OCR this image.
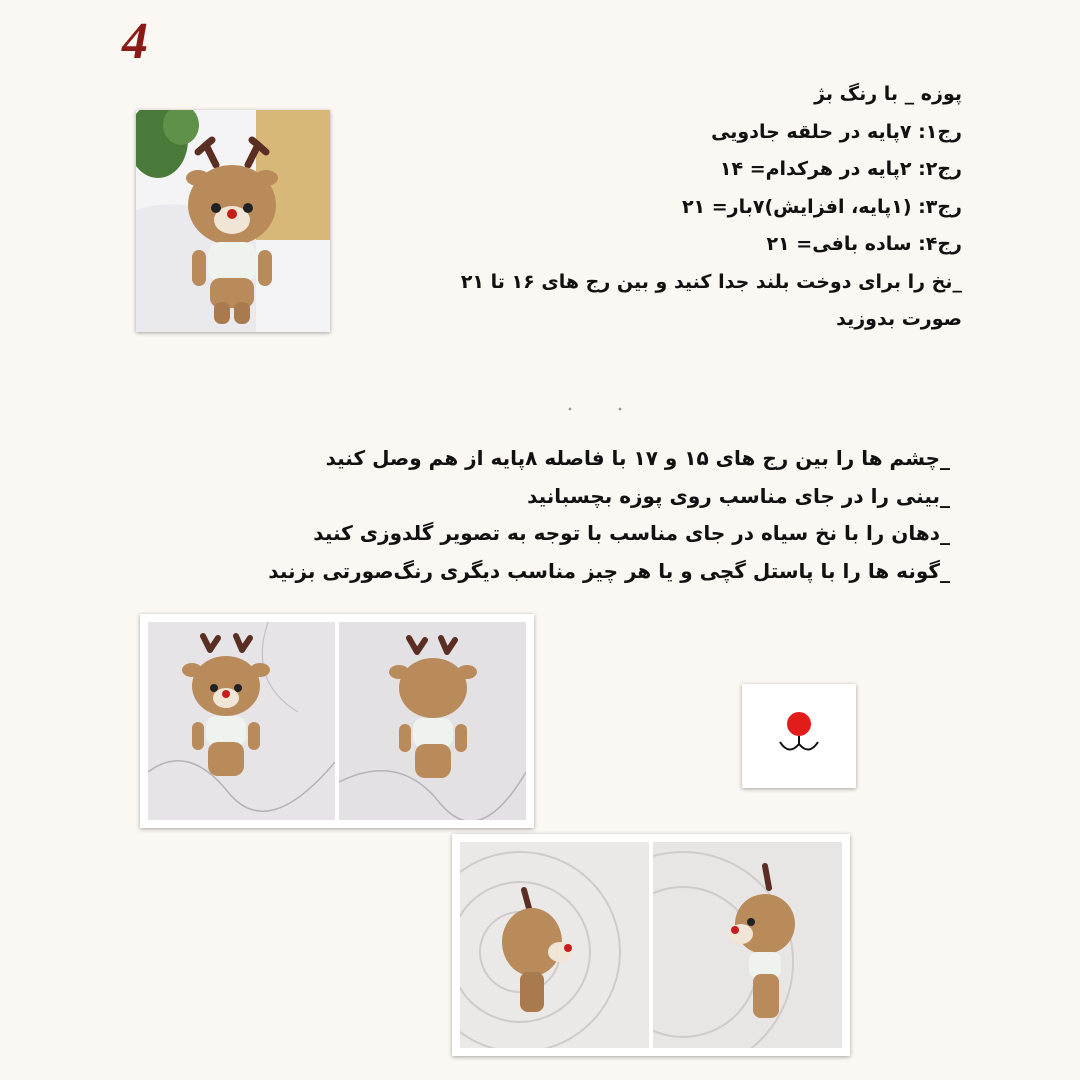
4
پوزه _ با رنگ بژ
رج۱: ۷پایه در حلقه جادویی
رج۲: ۲پایه در هرکدام= ۱۴
رج۳: (۱پایه، افزایش)۷بار= ۲۱
رج۴: ساده بافی= ۲۱
_نخ را برای دوخت بلند جدا کنید و بین رج های ۱۶ تا ۲۱
صورت بدوزید
_چشم ها را بین رج های ۱۵ و ۱۷ با فاصله ۸پایه از هم وصل کنید
_بینی را در جای مناسب روی پوزه بچسبانید
_دهان را با نخ سیاه در جای مناسب با توجه به تصویر گلدوزی کنید
_گونه ها را با پاستل گچی و یا هر چیز مناسب دیگری رنگ‌صورتی بزنید
